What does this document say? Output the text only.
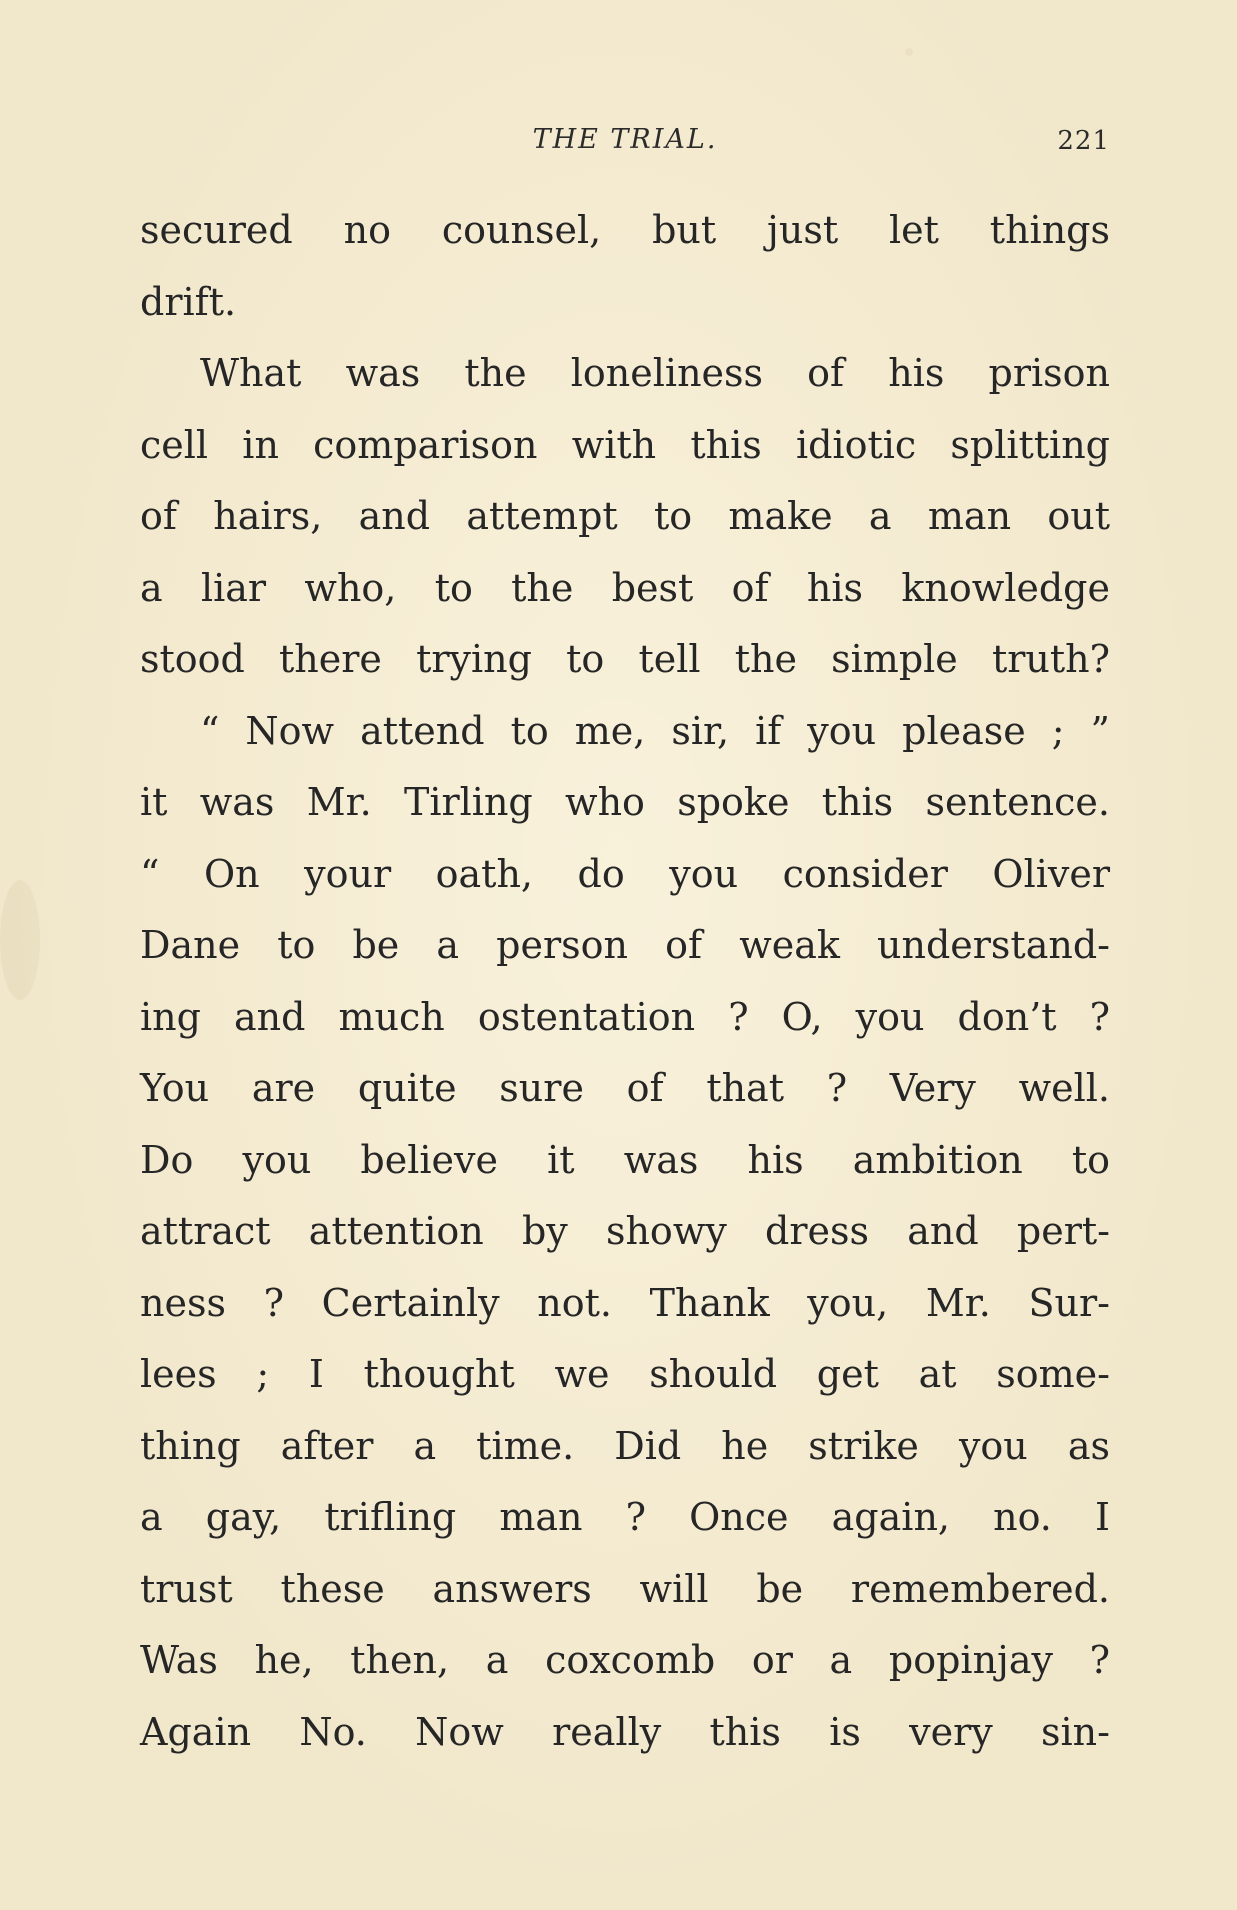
THE TRIAL.	221
secured no counsel, but just let things
drift.
What was the loneliness of his prison
cell in comparison with this idiotic splitting
of hairs, and attempt to make a man out
a liar who, to the best of his knowledge
stood there trying to tell the simple truth?
“ Now attend to me, sir, if you please ; ”
it was Mr. Tirling who spoke this sentence.
“ On your oath, do you consider Oliver
Dane to be a person of weak understand-
ing and much ostentation ? O, you don’t ?
You are quite sure of that ? Very well.
Do you believe it was his ambition to
attract attention by showy dress and pert-
ness ? Certainly not. Thank you, Mr. Sur-
lees ; I thought we should get at some-
thing after a time. Did he strike you as
a gay, trifling man ? Once again, no. I
trust these answers will be remembered.
Was he, then, a coxcomb or a popinjay ?
Again No. Now really this is very sin-
